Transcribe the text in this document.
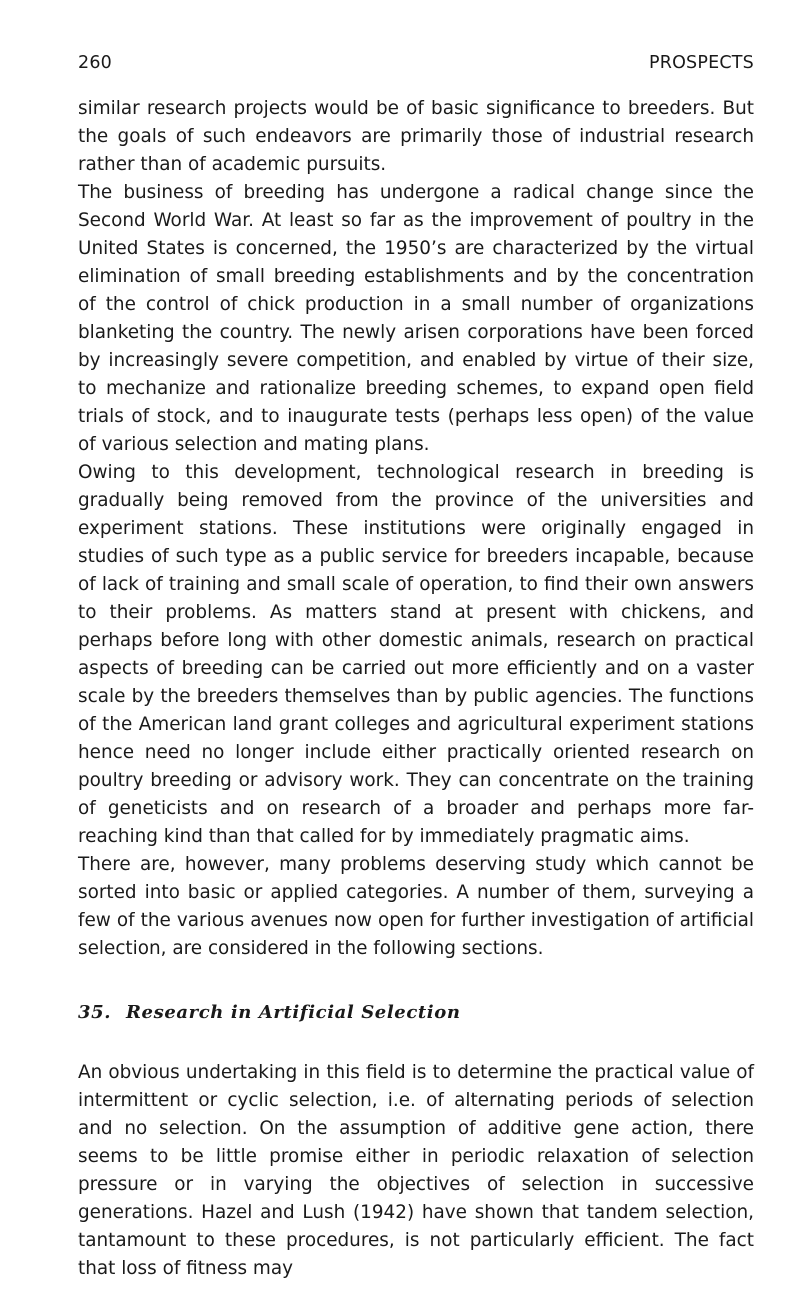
260	PROSPECTS

similar research projects would be of basic significance to breeders. But the goals of such endeavors are primarily those of industrial research rather than of academic pursuits.

The business of breeding has undergone a radical change since the Second World War. At least so far as the improvement of poultry in the United States is concerned, the 1950’s are characterized by the virtual elimination of small breeding establishments and by the concentration of the control of chick production in a small number of organizations blanketing the country. The newly arisen corporations have been forced by increasingly severe competition, and enabled by virtue of their size, to mechanize and rationalize breeding schemes, to expand open field trials of stock, and to inaugurate tests (perhaps less open) of the value of various selection and mating plans.

Owing to this development, technological research in breeding is gradually being removed from the province of the universities and experiment stations. These institutions were originally engaged in studies of such type as a public service for breeders incapable, because of lack of training and small scale of operation, to find their own answers to their problems. As matters stand at present with chickens, and perhaps before long with other domestic animals, research on practical aspects of breeding can be carried out more efficiently and on a vaster scale by the breeders themselves than by public agencies. The functions of the American land grant colleges and agricultural experiment stations hence need no longer include either practically oriented research on poultry breeding or advisory work. They can concentrate on the training of geneticists and on research of a broader and perhaps more far-reaching kind than that called for by immediately pragmatic aims.

There are, however, many problems deserving study which cannot be sorted into basic or applied categories. A number of them, surveying a few of the various avenues now open for further investigation of artificial selection, are considered in the following sections.

35. Research in Artificial Selection

An obvious undertaking in this field is to determine the practical value of intermittent or cyclic selection, i.e. of alternating periods of selection and no selection. On the assumption of additive gene action, there seems to be little promise either in periodic relaxation of selection pressure or in varying the objectives of selection in successive generations. Hazel and Lush (1942) have shown that tandem selection, tantamount to these procedures, is not particularly efficient. The fact that loss of fitness may
